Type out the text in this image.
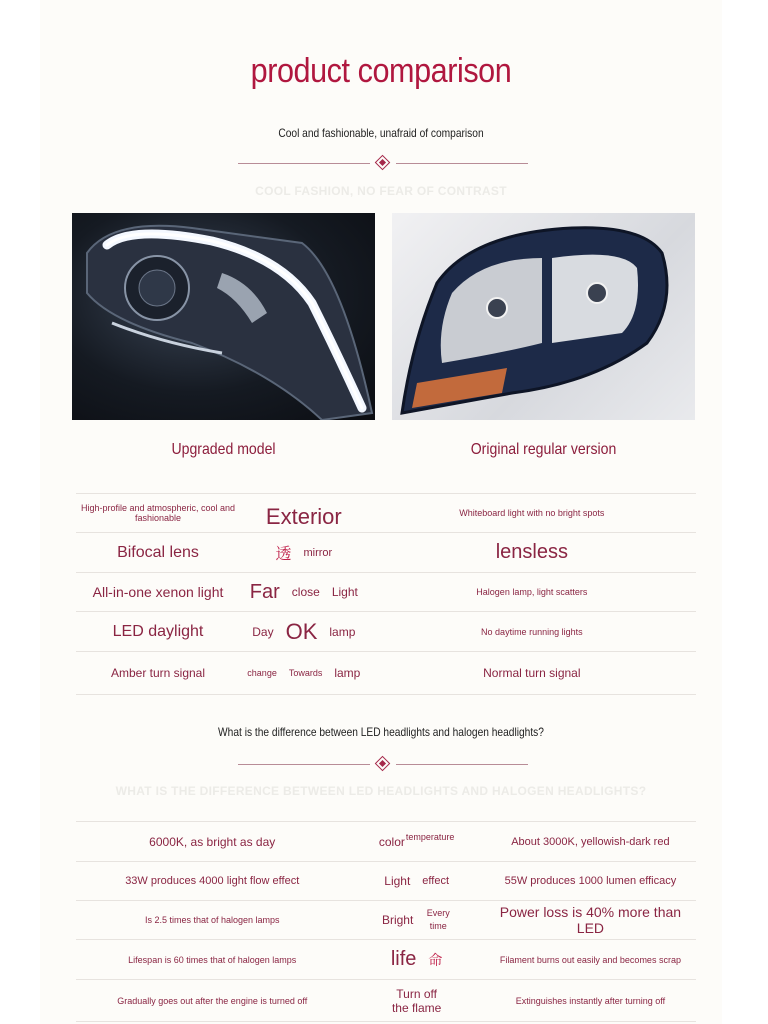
product comparison
Cool and fashionable, unafraid of comparison
COOL FASHION, NO FEAR OF CONTRAST
Upgraded model	Original regular version
High-profile and atmospheric, cool and fashionable	Exterior	Whiteboard light with no bright spots
Bifocal lens	透 mirror	lensless
All-in-one xenon light	Far close Light	Halogen lamp, light scatters
LED daylight	Day OK lamp	No daytime running lights
Amber turn signal	change Towards lamp	Normal turn signal
What is the difference between LED headlights and halogen headlights?
WHAT IS THE DIFFERENCE BETWEEN LED HEADLIGHTS AND HALOGEN HEADLIGHTS?
6000K, as bright as day	colortemperature	About 3000K, yellowish-dark red
33W produces 4000 light flow effect	Light effect	55W produces 1000 lumen efficacy
Is 2.5 times that of halogen lamps	Bright Every time	Power loss is 40% more than LED
Lifespan is 60 times that of halogen lamps	life 命	Filament burns out easily and becomes scrap
Gradually goes out after the engine is turned off	Turn off the flame	Extinguishes instantly after turning off
